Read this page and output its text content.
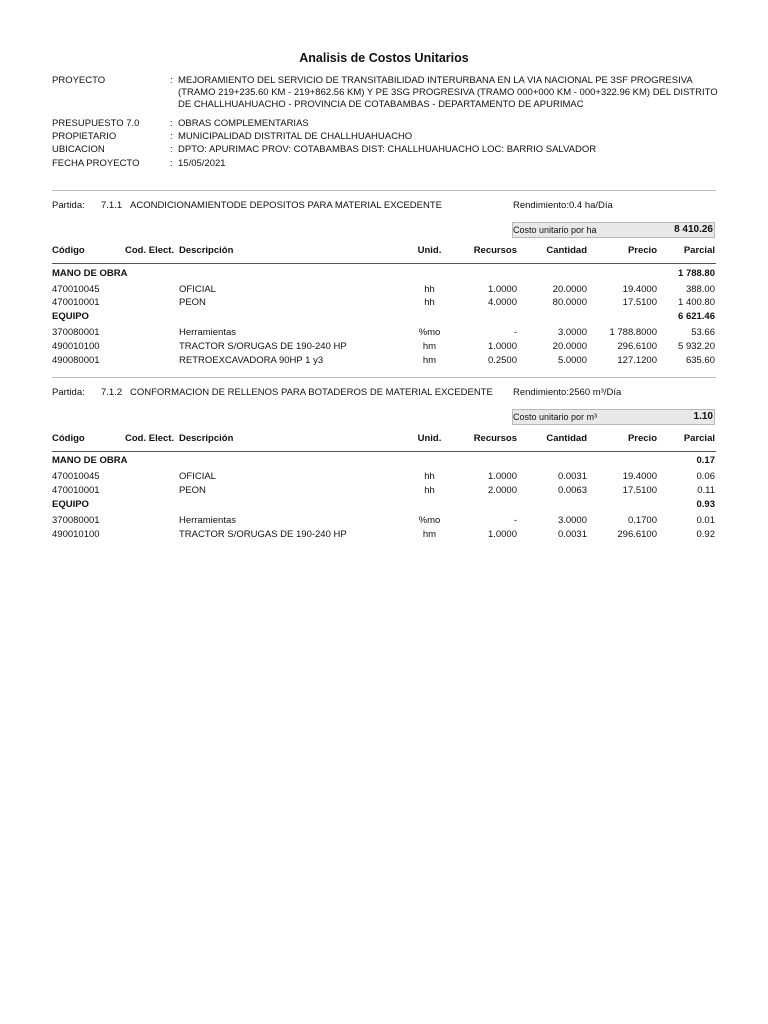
Analisis de Costos Unitarios
PROYECTO	: MEJORAMIENTO DEL SERVICIO DE TRANSITABILIDAD INTERURBANA EN LA VIA NACIONAL PE 3SF PROGRESIVA (TRAMO 219+235.60 KM - 219+862.56 KM) Y PE 3SG PROGRESIVA (TRAMO 000+000 KM - 000+322.96 KM) DEL DISTRITO DE CHALLHUAHUACHO - PROVINCIA DE COTABAMBAS - DEPARTAMENTO DE APURIMAC
PRESUPUESTO 7.0	: OBRAS COMPLEMENTARIAS
PROPIETARIO	: MUNICIPALIDAD DISTRITAL DE CHALLHUAHUACHO
UBICACION	: DPTO: APURIMAC PROV: COTABAMBAS DIST: CHALLHUAHUACHO LOC: BARRIO SALVADOR
FECHA PROYECTO	: 15/05/2021
Partida: 7.1.1 ACONDICIONAMIENTODE DEPOSITOS PARA MATERIAL EXCEDENTE	Rendimiento:0.4 ha/Día
Costo unitario por ha	8 410.26
Código	Cod. Elect. Descripción	Unid.	Recursos	Cantidad	Precio	Parcial
MANO DE OBRA	1 788.80
470010045	OFICIAL	hh	1.0000	20.0000	19.4000	388.00
470010001	PEON	hh	4.0000	80.0000	17.5100	1 400.80
EQUIPO	6 621.46
370080001	Herramientas	%mo	-	3.0000	1 788.8000	53.66
490010100	TRACTOR S/ORUGAS DE 190-240 HP	hm	1.0000	20.0000	296.6100	5 932.20
490080001	RETROEXCAVADORA 90HP 1 y3	hm	0.2500	5.0000	127.1200	635.60
Partida: 7.1.2 CONFORMACION DE RELLENOS PARA BOTADEROS DE MATERIAL EXCEDENTE Rendimiento:2560 m³/Día
Costo unitario por m³	1.10
Código	Cod. Elect. Descripción	Unid.	Recursos	Cantidad	Precio	Parcial
MANO DE OBRA	0.17
470010045	OFICIAL	hh	1.0000	0.0031	19.4000	0.06
470010001	PEON	hh	2.0000	0.0063	17.5100	0.11
EQUIPO	0.93
370080001	Herramientas	%mo	-	3.0000	0.1700	0.01
490010100	TRACTOR S/ORUGAS DE 190-240 HP	hm	1.0000	0.0031	296.6100	0.92
